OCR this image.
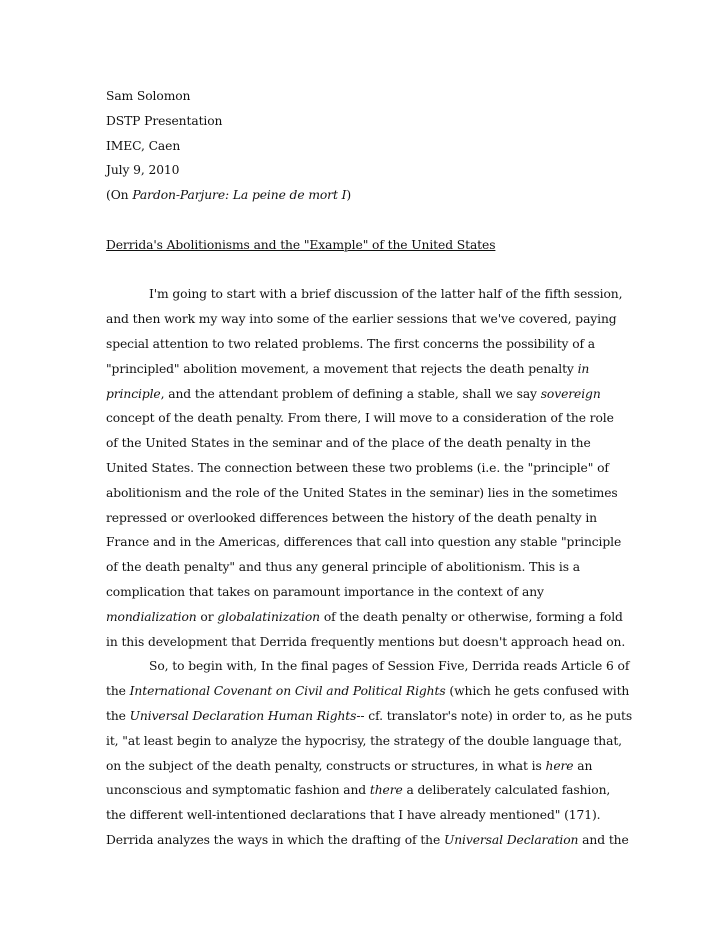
Sam Solomon
DSTP Presentation
IMEC, Caen
July 9, 2010
(On Pardon-Parjure: La peine de mort I)
Derrida's Abolitionisms and the "Example" of the United States
I'm going to start with a brief discussion of the latter half of the fifth session,
and then work my way into some of the earlier sessions that we've covered, paying
special attention to two related problems. The first concerns the possibility of a
"principled" abolition movement, a movement that rejects the death penalty in
principle, and the attendant problem of defining a stable, shall we say sovereign
concept of the death penalty. From there, I will move to a consideration of the role
of the United States in the seminar and of the place of the death penalty in the
United States. The connection between these two problems (i.e. the "principle" of
abolitionism and the role of the United States in the seminar) lies in the sometimes
repressed or overlooked differences between the history of the death penalty in
France and in the Americas, differences that call into question any stable "principle
of the death penalty" and thus any general principle of abolitionism. This is a
complication that takes on paramount importance in the context of any
mondialization or globalatinization of the death penalty or otherwise, forming a fold
in this development that Derrida frequently mentions but doesn't approach head on.
So, to begin with, In the final pages of Session Five, Derrida reads Article 6 of
the International Covenant on Civil and Political Rights (which he gets confused with
the Universal Declaration Human Rights-- cf. translator's note) in order to, as he puts
it, "at least begin to analyze the hypocrisy, the strategy of the double language that,
on the subject of the death penalty, constructs or structures, in what is here an
unconscious and symptomatic fashion and there a deliberately calculated fashion,
the different well-intentioned declarations that I have already mentioned" (171).
Derrida analyzes the ways in which the drafting of the Universal Declaration and the
